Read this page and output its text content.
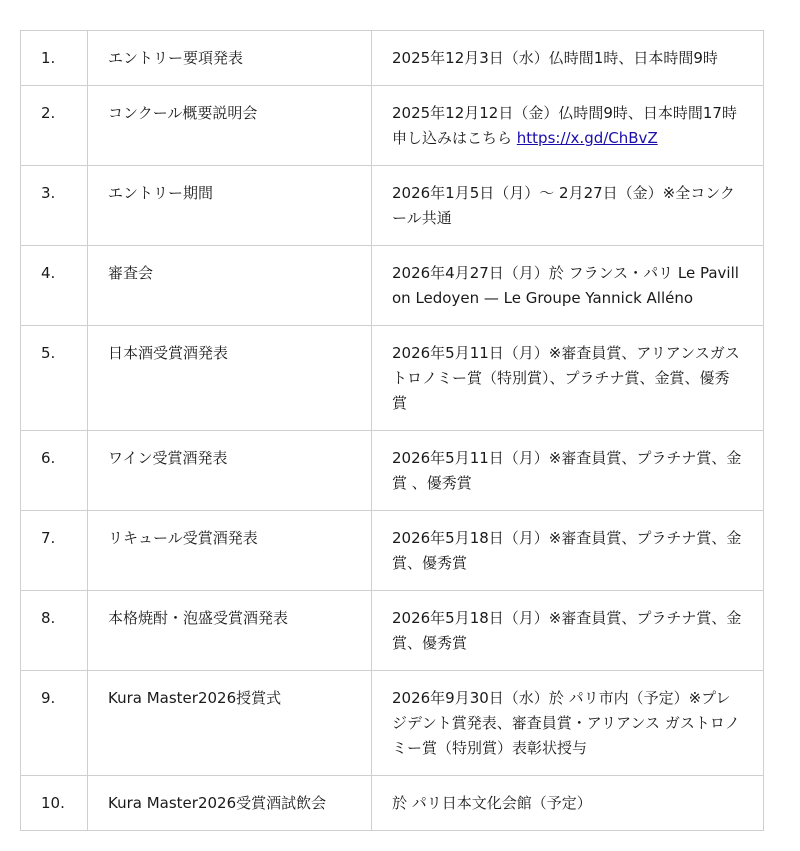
1.	エントリー要項発表	2025年12月3日（水）仏時間1時、日本時間9時
2.	コンクール概要説明会	2025年12月12日（金）仏時間9時、日本時間17時 申し込みはこちら https://x.gd/ChBvZ
3.	エントリー期間	2026年1月5日（月）〜 2月27日（金）※全コンクール共通
4.	審査会	2026年4月27日（月）於 フランス・パリ Le Pavillon Ledoyen — Le Groupe Yannick Alléno
5.	日本酒受賞酒発表	2026年5月11日（月）※審査員賞、アリアンスガストロノミー賞（特別賞）、プラチナ賞、金賞、優秀賞
6.	ワイン受賞酒発表	2026年5月11日（月）※審査員賞、プラチナ賞、金賞 、優秀賞
7.	リキュール受賞酒発表	2026年5月18日（月）※審査員賞、プラチナ賞、金賞、優秀賞
8.	本格焼酎・泡盛受賞酒発表	2026年5月18日（月）※審査員賞、プラチナ賞、金賞、優秀賞
9.	Kura Master2026授賞式	2026年9月30日（水）於 パリ市内（予定）※プレジデント賞発表、審査員賞・アリアンス ガストロノミー賞（特別賞）表彰状授与
10.	Kura Master2026受賞酒試飲会	於 パリ日本文化会館（予定）
